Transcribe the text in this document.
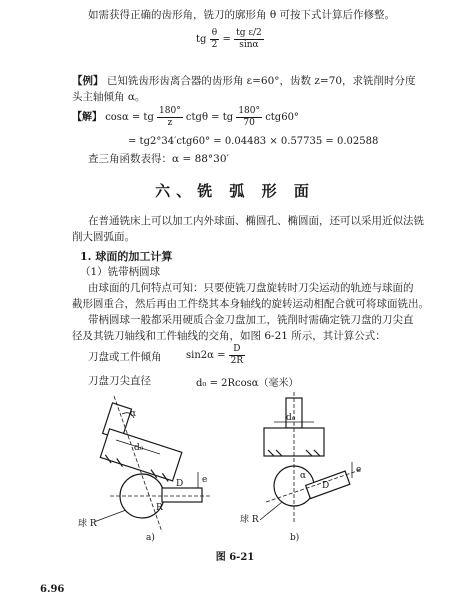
如需获得正确的齿形角，铣刀的廓形角 θ 可按下式计算后作修整。
tg $\frac{\theta}{2} = \frac{\text{tg ε/2}}{\sin\alpha}$
【例】 已知铣齿形齿离合器的齿形角 ε=60°，齿数 z=70，求铣削时分度
头主轴倾角 α。
【解】 cosα = tg $\frac{180^\circ}{z}$ ctgθ = tg $\frac{180^\circ}{70} ctg60^\circ$
= tg2°34′ctg60° = 0.04483 × 0.57735 = 0.02588
查三角函数表得：α = 88°30′
六、铣 弧 形 面
在普通铣床上可以加工内外球面、椭圆孔、椭圆面，还可以采用近似法铣
削大圆弧面。
1. 球面的加工计算
（1）铣带柄圆球
由球面的几何特点可知：只要使铣刀盘旋转时刀尖运动的轨迹与球面的
截形圆重合，然后再由工件绕其本身轴线的旋转运动相配合就可将球面铣出。
带柄圆球一般都采用硬质合金刀盘加工，铣削时需确定铣刀盘的刀尖直
径及其铣刀轴线和工件轴线的交角，如图 6-21 所示，其计算公式：
刀盘或工件倾角 $\sin 2\alpha = \frac{D}{2R}$
刀盘刀尖直径	d₀ = 2Rcosα（毫米）
α
d₀
e
D
R
球 R
a)
d₀
α
e
D
球 R
b)
图 6-21
6.96
